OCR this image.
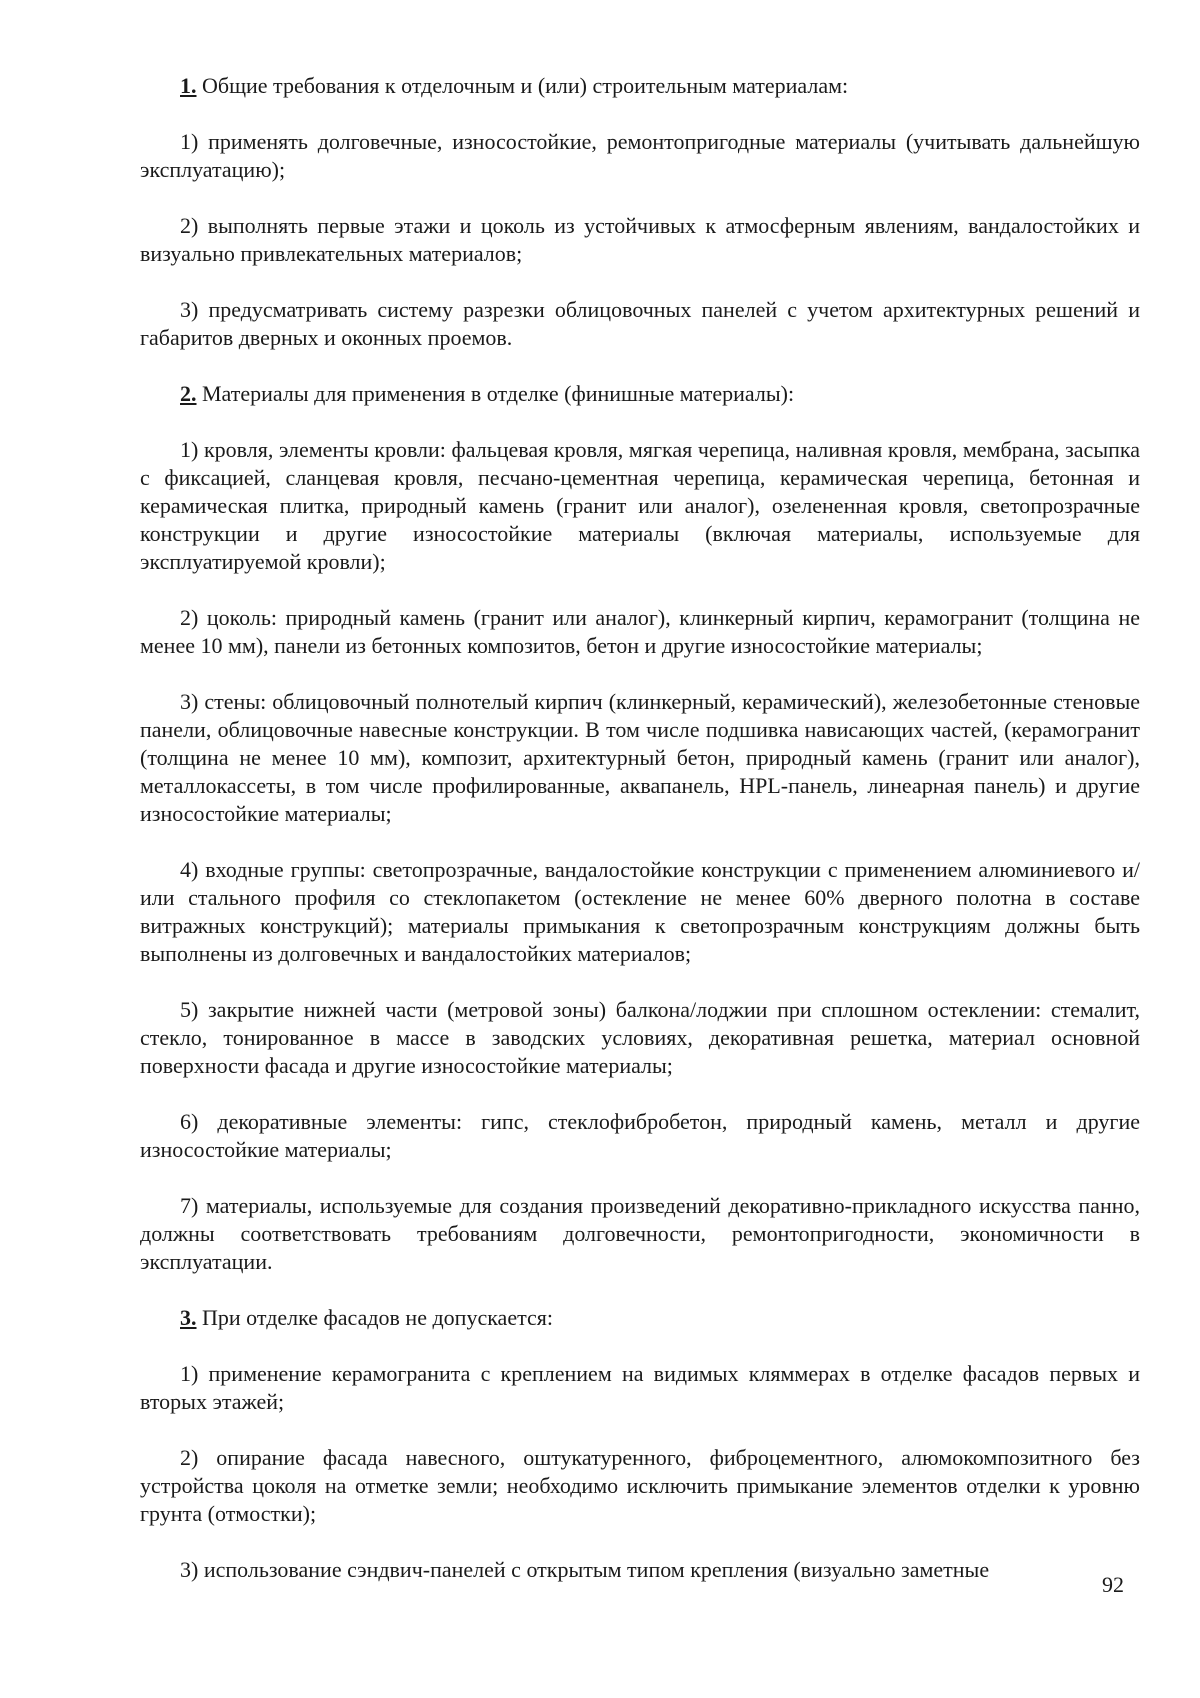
1. Общие требования к отделочным и (или) строительным материалам:

1) применять долговечные, износостойкие, ремонтопригодные материалы (учитывать дальнейшую эксплуатацию);

2) выполнять первые этажи и цоколь из устойчивых к атмосферным явлениям, вандалостойких и визуально привлекательных материалов;

3) предусматривать систему разрезки облицовочных панелей с учетом архитектурных решений и габаритов дверных и оконных проемов.

2. Материалы для применения в отделке (финишные материалы):

1) кровля, элементы кровли: фальцевая кровля, мягкая черепица, наливная кровля, мембрана, засыпка с фиксацией, сланцевая кровля, песчано-цементная черепица, керамическая черепица, бетонная и керамическая плитка, природный камень (гранит или аналог), озелененная кровля, светопрозрачные конструкции и другие износостойкие материалы (включая материалы, используемые для эксплуатируемой кровли);

2) цоколь: природный камень (гранит или аналог), клинкерный кирпич, керамогранит (толщина не менее 10 мм), панели из бетонных композитов, бетон и другие износостойкие материалы;

3) стены: облицовочный полнотелый кирпич (клинкерный, керамический), железобетонные стеновые панели, облицовочные навесные конструкции. В том числе подшивка нависающих частей, (керамогранит (толщина не менее 10 мм), композит, архитектурный бетон, природный камень (гранит или аналог), металлокассеты, в том числе профилированные, аквапанель, HPL-панель, линеарная панель) и другие износостойкие материалы;

4) входные группы: светопрозрачные, вандалостойкие конструкции с применением алюминиевого и/или стального профиля со стеклопакетом (остекление не менее 60% дверного полотна в составе витражных конструкций); материалы примыкания к светопрозрачным конструкциям должны быть выполнены из долговечных и вандалостойких материалов;

5) закрытие нижней части (метровой зоны) балкона/лоджии при сплошном остеклении: стемалит, стекло, тонированное в массе в заводских условиях, декоративная решетка, материал основной поверхности фасада и другие износостойкие материалы;

6) декоративные элементы: гипс, стеклофибробетон, природный камень, металл и другие износостойкие материалы;

7) материалы, используемые для создания произведений декоративно-прикладного искусства панно, должны соответствовать требованиям долговечности, ремонтопригодности, экономичности в эксплуатации.

3. При отделке фасадов не допускается:

1) применение керамогранита с креплением на видимых кляммерах в отделке фасадов первых и вторых этажей;

2) опирание фасада навесного, оштукатуренного, фиброцементного, алюмокомпозитного без устройства цоколя на отметке земли; необходимо исключить примыкание элементов отделки к уровню грунта (отмостки);

3) использование сэндвич-панелей с открытым типом крепления (визуально заметные

92
